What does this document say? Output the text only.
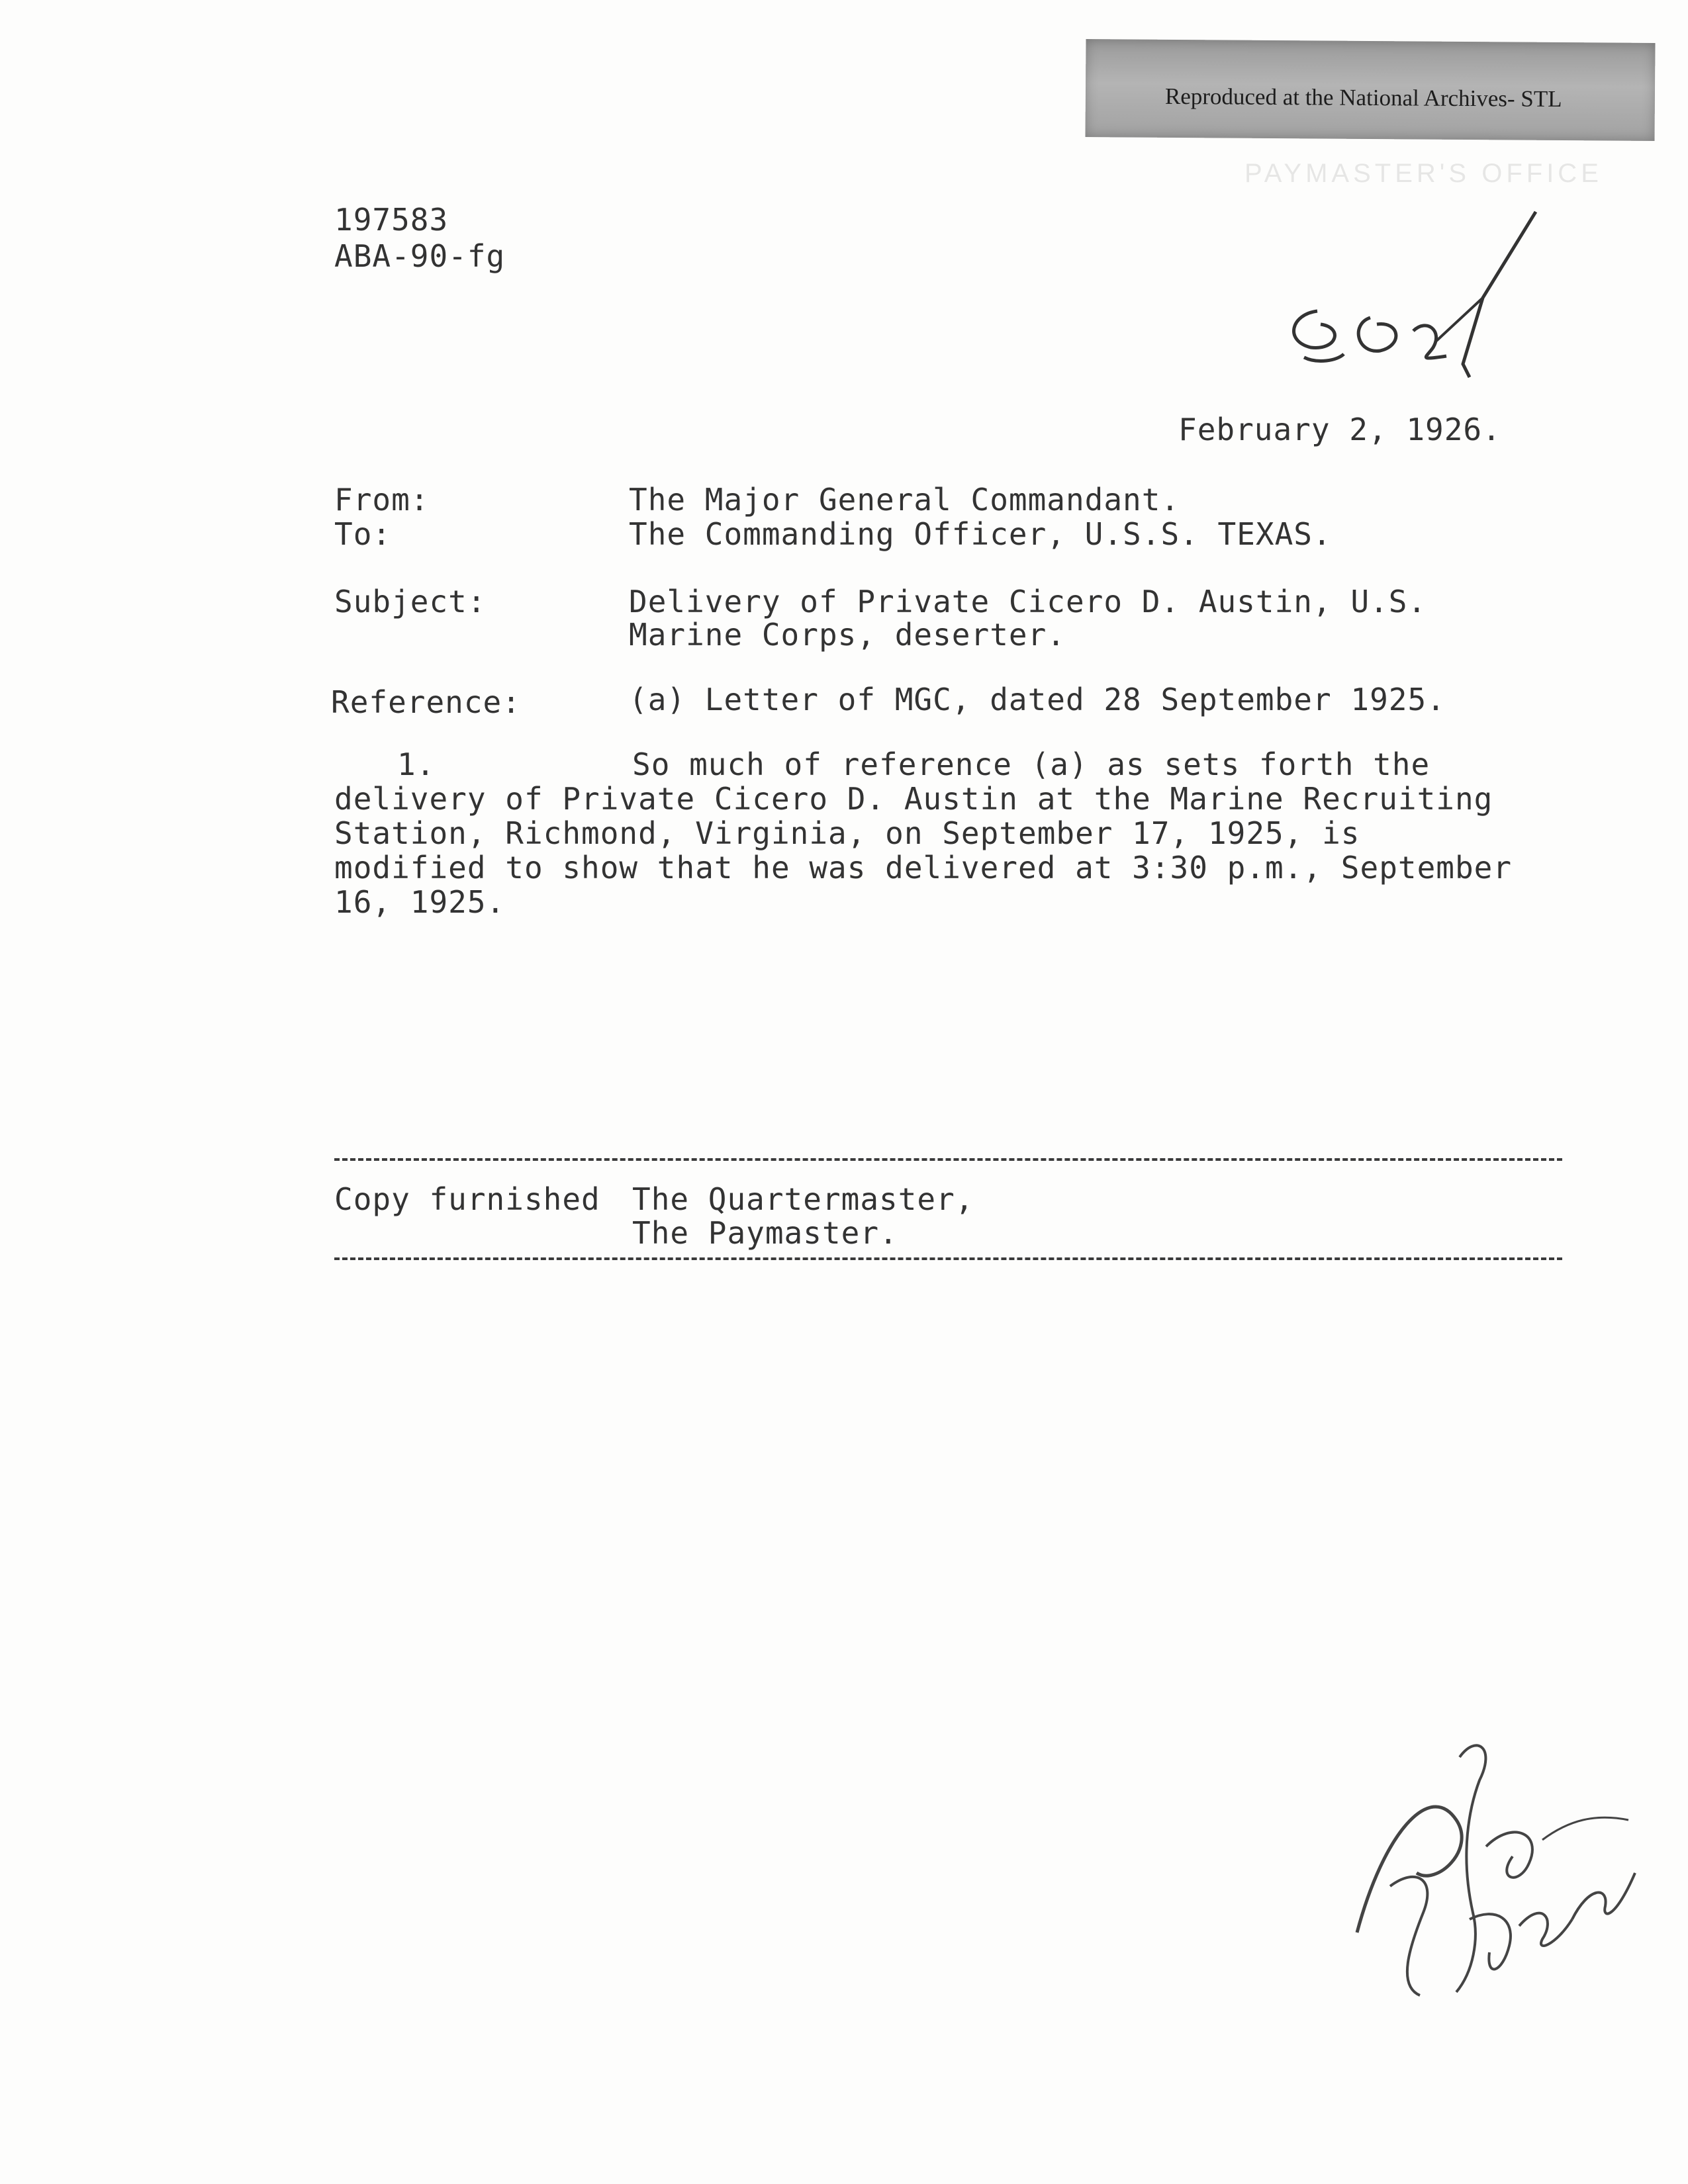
Reproduced at the National Archives- STL
PAYMASTER'S OFFICE
197583
ABA-90-fg
February 2, 1926.
From:	The Major General Commandant.
To:	The Commanding Officer, U.S.S. TEXAS.
Subject:	Delivery of Private Cicero D. Austin, U.S.
Marine Corps, deserter.
Reference:	(a) Letter of MGC, dated 28 September 1925.
1.	So much of reference (a) as sets forth the
delivery of Private Cicero D. Austin at the Marine Recruiting
Station, Richmond, Virginia, on September 17, 1925, is
modified to show that he was delivered at 3:30 p.m., September
16, 1925.
Copy furnished The Quartermaster,
The Paymaster.
